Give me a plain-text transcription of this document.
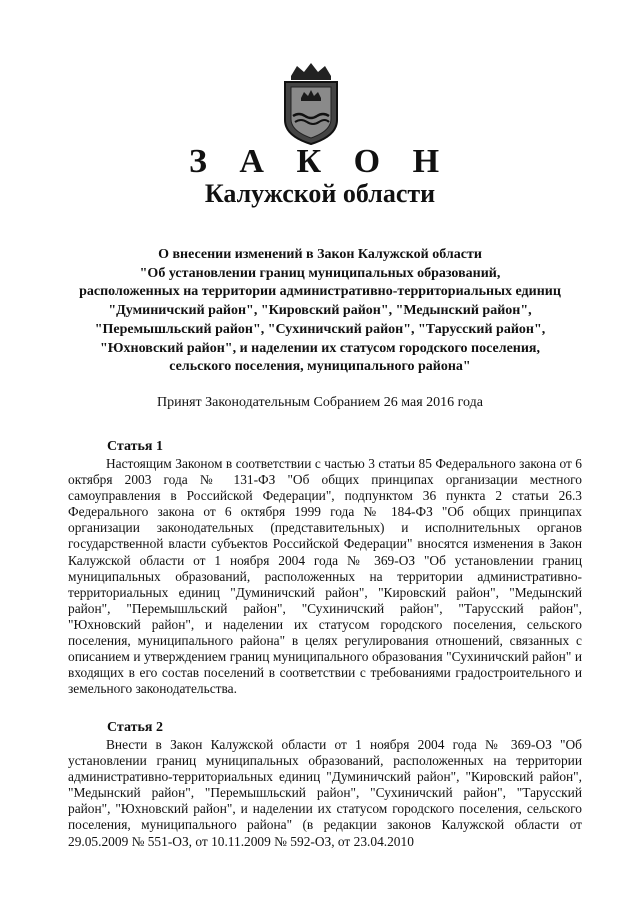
З А К О Н
Калужской области
О внесении изменений в Закон Калужской области
"Об установлении границ муниципальных образований,
расположенных на территории административно-территориальных единиц
"Думиничский район", "Кировский район", "Медынский район",
"Перемышльский район", "Сухиничский район", "Тарусский район",
"Юхновский район", и наделении их статусом городского поселения,
сельского поселения, муниципального района"
Принят Законодательным Собранием 26 мая 2016 года
Статья 1

Настоящим Законом в соответствии с частью 3 статьи 85 Федерального закона от 6 октября 2003 года № 131-ФЗ "Об общих принципах организации местного самоуправления в Российской Федерации", подпунктом 36 пункта 2 статьи 26.3 Федерального закона от 6 октября 1999 года № 184-ФЗ "Об общих принципах организации законодательных (представительных) и исполнительных органов государственной власти субъектов Российской Федерации" вносятся изменения в Закон Калужской области от 1 ноября 2004 года № 369-ОЗ "Об установлении границ муниципальных образований, расположенных на территории административно-территориальных единиц "Думиничский район", "Кировский район", "Медынский район", "Перемышльский район", "Сухиничский район", "Тарусский район", "Юхновский район", и наделении их статусом городского поселения, сельского поселения, муниципального района" в целях регулирования отношений, связанных с описанием и утверждением границ муниципального образования "Сухиничский район" и входящих в его состав поселений в соответствии с требованиями градостроительного и земельного законодательства.

Статья 2

Внести в Закон Калужской области от 1 ноября 2004 года № 369-ОЗ "Об установлении границ муниципальных образований, расположенных на территории административно-территориальных единиц "Думиничский район", "Кировский район", "Медынский район", "Перемышльский район", "Сухиничский район", "Тарусский район", "Юхновский район", и наделении их статусом городского поселения, сельского поселения, муниципального района" (в редакции законов Калужской области от 29.05.2009 № 551-ОЗ, от 10.11.2009 № 592-ОЗ, от 23.04.2010
